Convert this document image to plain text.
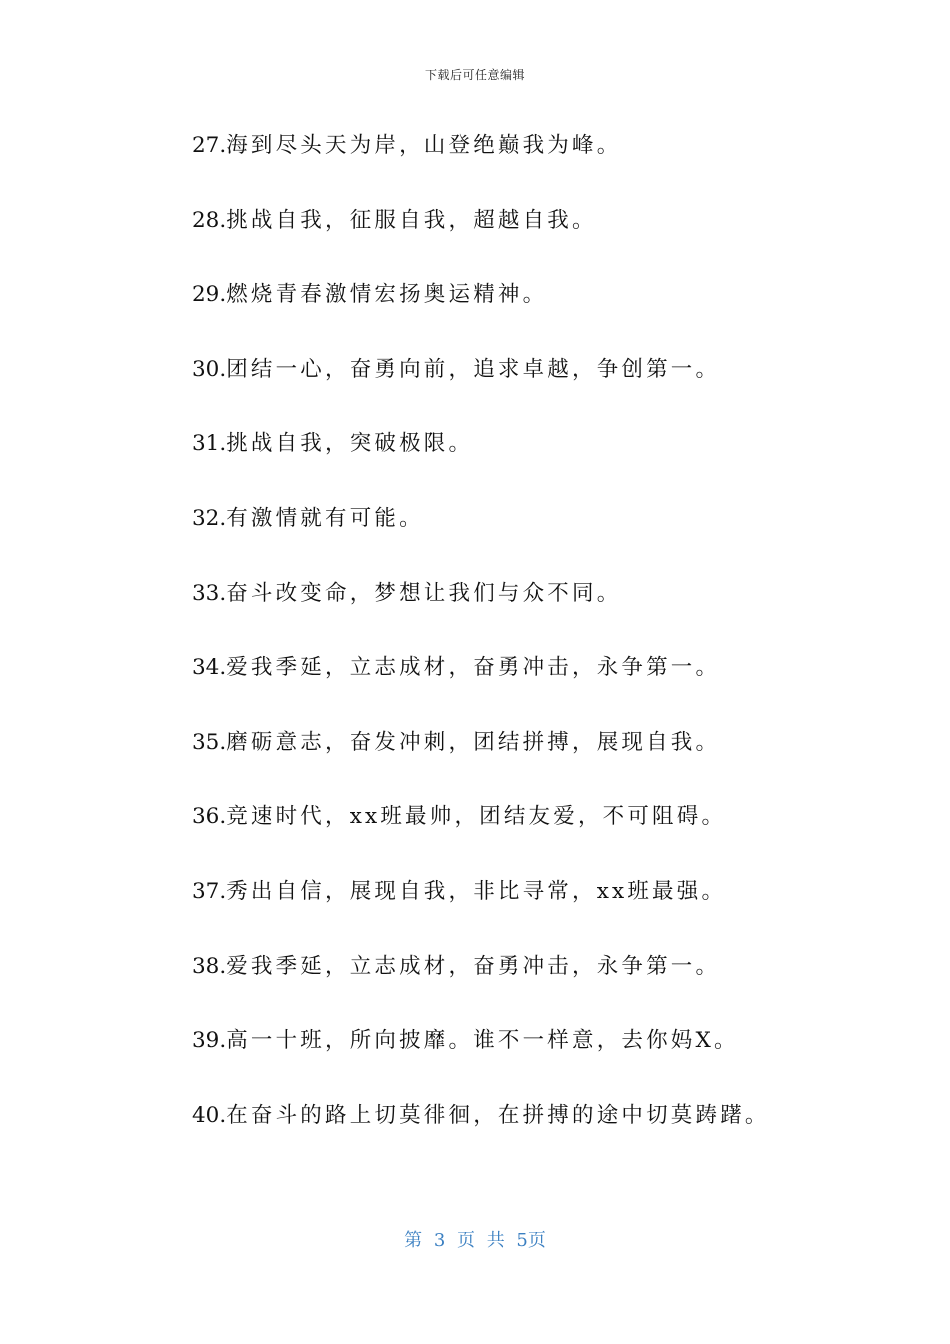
下载后可任意编辑
27.海到尽头天为岸，山登绝巅我为峰。
28.挑战自我，征服自我，超越自我。
29.燃烧青春激情宏扬奥运精神。
30.团结一心，奋勇向前，追求卓越，争创第一。
31.挑战自我，突破极限。
32.有激情就有可能。
33.奋斗改变命，梦想让我们与众不同。
34.爱我季延，立志成材，奋勇冲击，永争第一。
35.磨砺意志，奋发冲刺，团结拼搏，展现自我。
36.竞速时代，xx班最帅，团结友爱，不可阻碍。
37.秀出自信，展现自我，非比寻常，xx班最强。
38.爱我季延，立志成材，奋勇冲击，永争第一。
39.高一十班，所向披靡。谁不一样意，去你妈X。
40.在奋斗的路上切莫徘徊，在拼搏的途中切莫踌躇。
第 3 页 共 5页
